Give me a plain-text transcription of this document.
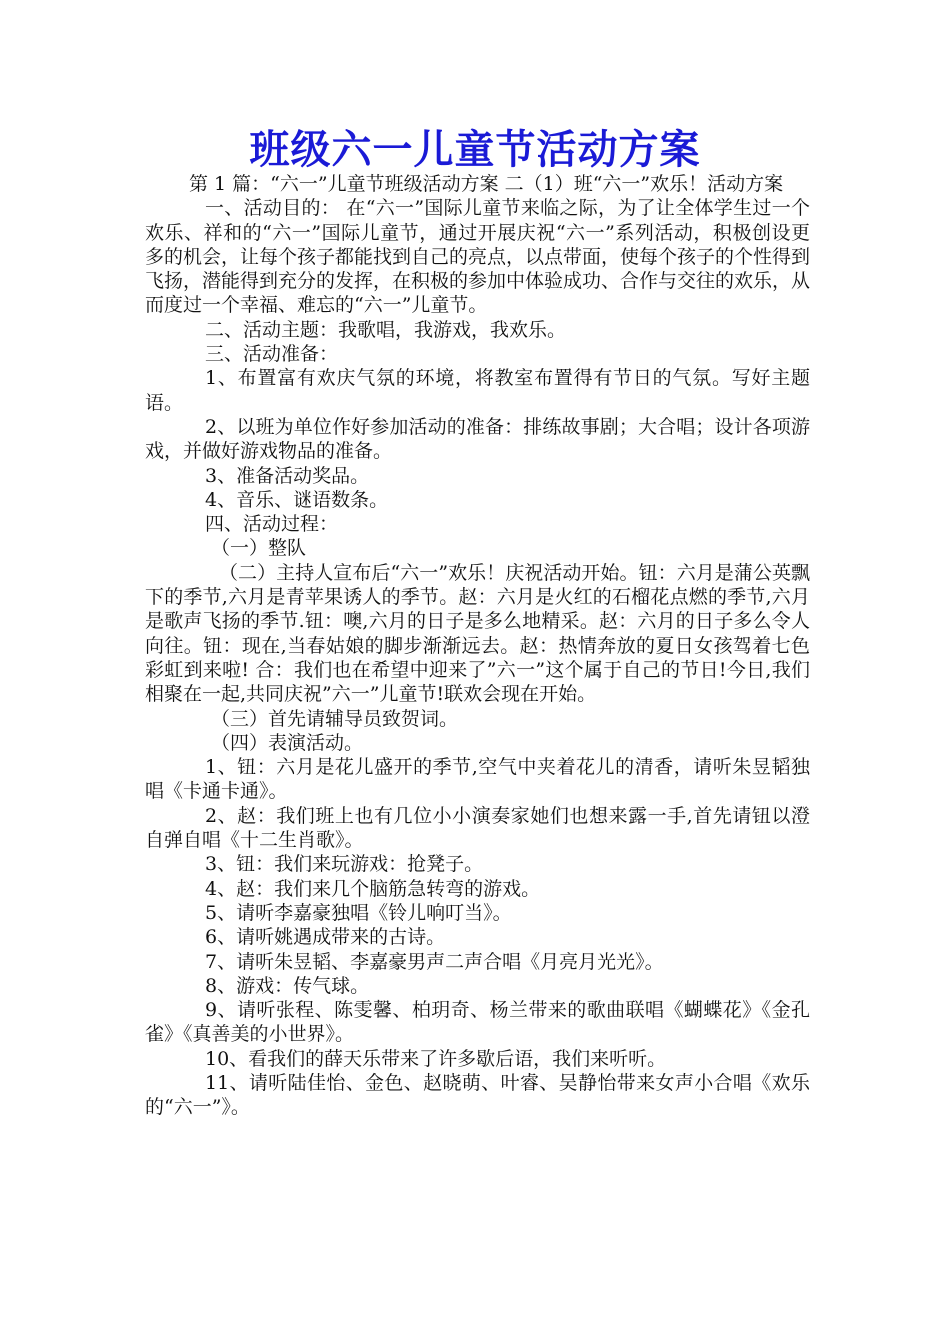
班级六一儿童节活动方案

第 1 篇：“六一”儿童节班级活动方案 二（1）班“六一”欢乐！活动方案

一、活动目的： 在“六一”国际儿童节来临之际，为了让全体学生过一个欢乐、祥和的“六一”国际儿童节，通过开展庆祝“六一”系列活动，积极创设更多的机会，让每个孩子都能找到自己的亮点，以点带面，使每个孩子的个性得到飞扬，潜能得到充分的发挥，在积极的参加中体验成功、合作与交往的欢乐，从而度过一个幸福、难忘的“六一”儿童节。

二、活动主题：我歌唱，我游戏，我欢乐。

三、活动准备：

1、布置富有欢庆气氛的环境，将教室布置得有节日的气氛。写好主题语。

2、以班为单位作好参加活动的准备：排练故事剧；大合唱；设计各项游戏，并做好游戏物品的准备。

3、准备活动奖品。

4、音乐、谜语数条。

四、活动过程：

（一）整队

（二）主持人宣布后“六一”欢乐！庆祝活动开始。钮：六月是蒲公英飘下的季节,六月是青苹果诱人的季节。赵：六月是火红的石榴花点燃的季节,六月是歌声飞扬的季节.钮：噢,六月的日子是多么地精采。赵：六月的日子多么令人向往。钮：现在,当春姑娘的脚步渐渐远去。赵：热情奔放的夏日女孩驾着七色彩虹到来啦! 合：我们也在希望中迎来了”六一”这个属于自己的节日!今日,我们相聚在一起,共同庆祝”六一”儿童节!联欢会现在开始。

（三）首先请辅导员致贺词。

（四）表演活动。

1、钮：六月是花儿盛开的季节,空气中夹着花儿的清香，请听朱昱韬独唱《卡通卡通》。

2、赵：我们班上也有几位小小演奏家她们也想来露一手,首先请钮以澄自弹自唱《十二生肖歌》。

3、钮：我们来玩游戏：抢凳子。

4、赵：我们来几个脑筋急转弯的游戏。

5、请听李嘉豪独唱《铃儿响叮当》。

6、请听姚遇成带来的古诗。

7、请听朱昱韬、李嘉豪男声二声合唱《月亮月光光》。

8、游戏：传气球。

9、请听张程、陈雯馨、柏玥奇、杨兰带来的歌曲联唱《蝴蝶花》《金孔雀》《真善美的小世界》。

10、看我们的薛天乐带来了许多歇后语，我们来听听。

11、请听陆佳怡、金色、赵晓萌、叶睿、吴静怡带来女声小合唱《欢乐的“六一”》。
